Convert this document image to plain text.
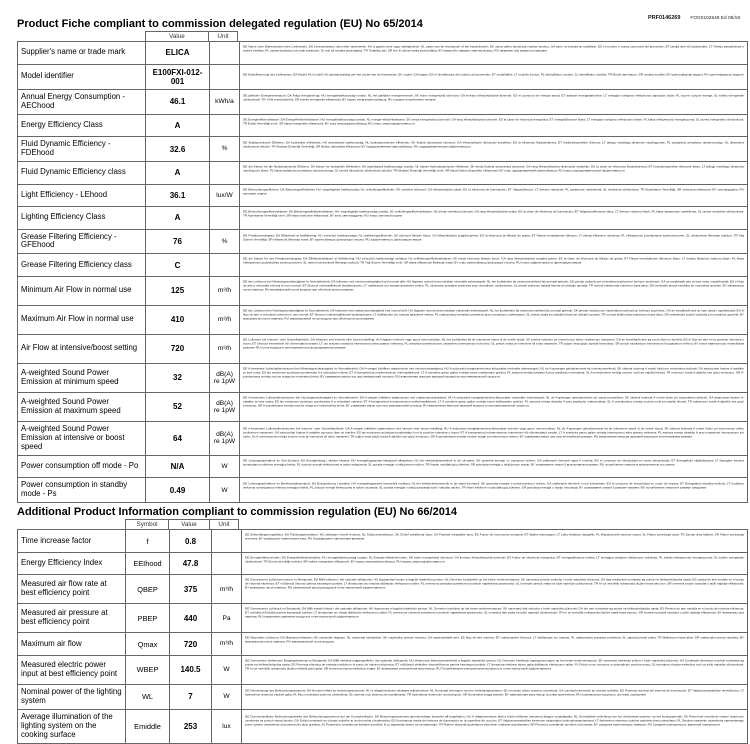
PRF0146269 FOG0102648 Ed 05/18
Product Fiche compliant to commission delegated regulation (EU) No 65/2014
Value	Unit
Supplier's name or trade mark	ELICA		DE Name oder Warenzeichen des Lieferanten; DA Leverandørens navn eller varemærke; HU a gyártó neve vagy márkajelzése; NL naam van de leverancier of het handelsmerk; SK názov alebo obchodná značka výrobcu; GA ainm nó branda an tsoláthraí; ES el nombre o marca comercial del proveedor; ET tarnija nimi või kaubamärk; LT Tiekėjo pavadinimas ir prekės ženklas; PL nazwa dostawcy lub znak towarowy; SL ime ali oznaka proizvajalca; TR Tedarikçi adı; SR ime ili robna marka proizvođača; BY назва або таварны знак вытворцы; RU название или марка поставщика

Model identifier	E100FXI-012-001		DE Modellkennung des Lieferanten; DA Model; HU modell; NL typeaanduiding van het model van de leverancier; SK model; GA leagan; ES el identificador del modelo del proveedor; ET mudelitähis; LT modelio žymuo; PL identyfikator modelu; SL identifikator modela; TR Model tanımlayıcı; SR oznaka modela; BY ідэнтыфікатар мадэлі; RU идентификатор модели

Annual Energy Consumption - AEChood	46.1	kWh/a	DE jährliche Energieverbrauch; DA Årligt energiforbrug; HU energiahatékonysági mutató; NL het jaarlijkse energieverbruik; SK index energetickej účinnosti; GA innéacs éifeachtúlachta fuinnimh; ES el consumo de energía anual; ET aastane energiatarbimine; LT energijos vartojimo efektyvumo sąnaudos dydis; PL roczne zużycie energii; SL indeks energetske učinkovitosti; TR Yıllık enerji tüketimi; SR indeks energetske efikasnosti; BY індэкс энергаэфектыўнасці; RU годовое потребление энергии

Energy Efficiency Class	A		DE Energieeffizienzklasse; DA Energieffektivitetsklasse; HU energiahatékonysági osztály; NL energie-efficiëntieklasse; SK trieda energetickej účinnosti; GA rang éifeachtúlachta fuinnimh; ES la clase de eficiencia energética; ET energiatõhususe klass; LT energijos vartojimo efektyvumo klasė; PL klasa efektywności energetycznej; SL razred energetske učinkovitosti; TR Enerji Verimliliği sınıfı; SR klasa energetske efikasnosti; BY клас энергаэфектыўнасці; RU класс энергоэффективности

Fluid Dynamic Efficiency - FDEhood	32.6	%	DE fluiddynamische Effizienz; DA hydraulisk effektivitet; HU áramlástani hatékonyság; NL hydrodynamische efficiëntie; SK fluidná dynamická účinnosť; GA éifeachtúlacht dinimiciúil sreabhán; ES la eficiencia fluidodinámica; ET hüdrodünaamiline tõhusus; LT takiųjų medžiagų dinaminis naudingumas; PL wydajność przepływu dynamicznego; SL dinamična učinkovitost tekočin; TR Akışkan Dinamiği Verimliliği; SR fluidno dinamička efikasnost; BY гідрадынамічная эфектыўнасць; RU гидродинамическая эффективность

Fluid Dynamic Efficiency class	A		DE die Klasse für die fluiddynamische Effizienz; DA klasse for hydraulisk effektivitet; HU áramlástani hatékonysági osztály; NL klasse hydrodynamische efficiëntie; SK trieda fluidnej dynamickej účinnosti; GA rang éifeachtúlachta dinimiciúla sreabhán; ES la clase de eficiencia fluidodinámica; ET hüdrodünaamilise tõhususe klass; LT takiųjų medžiagų dinaminio naudingumo klasė; PL klasa wydajności przepływu dynamicznego; SL razred dinamične učinkovitosti tekočin; TR Akışkan Dinamiği Verimliliği sınıfı; SR klasa fluidno dinamičke efikasnosti; BY клас гідрадынамічнай эфектыўнасці; RU класс гидродинамической эффективности

Light Efficiency - LEhood	36.1	lux/W	DE Beleuchtungseffizienz; DA Belysningseffektivitet; HU megvilágítási hatékonyság; NL verlichtingsefficiëntie; SK svetelná účinnosť; GA éifeachtúlacht solais; ES la eficiencia de iluminación; ET Valgustõhusus; LT šviesos našumas; PL sprawność oświetlenia; SL svetlobna učinkovitost; TR Aydınlatma Verimliliği; SR svetlosna efikasnost; BY светлааддача; RU световая отдача

Lighting Efficiency Class	A		DE Beleuchtungseffizienzklasse; DA Belysningseffektivitetsklasse; HU megvilágítási hatékonysági osztály; NL verlichtingsefficiëntieklasse; SK trieda svetelnej účinnosti; GA rang éifeachtúlachta solais; ES la clase de eficiencia de iluminación; ET Valgustustõhususe klass; LT šviesos našumo klasė; PL klasa sprawności oświetlenia; SL razred svetlobne učinkovitosti; TR Aydınlatma Verimliliği sınıfı; SR klasa svetlosne efikasnosti; BY клас светлааддачы; RU класс световой отдачи

Grease Filtering Efficiency - GFEhood	76	%	DE Fettabscheidegrad; DA Effektivitet af fedtfiltrering; HU zsírszűrő hatékonysága; NL vetfilteringsefficiëntie; SK účinnosť filtrácie tukov; GA éifeachtúlacht scagtha gréise; ES la eficiencia de filtrado de grasa; ET Rasva eemaldamise tõhusus; LT riebalų filtravimo našumas; PL efektywność pochłaniania zanieczyszczeń; SL učinkovitost filtriranja maščob; TR Yağ Süzme Verimliliği; SR efikasnost filtriranja masti; BY эфектыўнасць фільтрацыі тлушчу; RU эффективность фильтрации жиров

Grease Filtering Efficiency class	C		DE die Klasse für den Fettabscheidegrad; DA Effektivitetsklasse af fedtfiltrering; HU zsírszűrő hatékonysági osztálya; NL vetfilteringsefficiëntieklasse; SK trieda účinnosti filtrácie tukov; GA rang éifeachtúlachta scagtha gréise; ES la clase de eficiencia de filtrado de grasa; ET Rasva eemaldamise tõhususe klass; LT riebalų filtravimo našumo klasė; PL klasa efektywności pochłaniania zanieczyszczeń; SL razred učinkovitosti filtriranja maščob; TR Yağ Süzme Verimliliği sınıfı; SR klasa efikasnosti filtriranja masti; BY клас эфектыўнасці фільтрацыі тлушчу; RU класс эффективности фильтрации жиров

Minimum Air Flow in normal use	125	m³/h	DE der Luftstrom bei Mindestgeschwindigkeit im Normalbetrieb; DA luftstrøm ved minimumshastighed ved normal drift; HU légáram normál üzemmódban minimális sebességnél; NL het luchtdebiet bij minimumsnelheid bij normaal gebruik; SK prietok vzduchu pri minimálnej rýchlosti pri bežnom používaní; GA an sreabhadh aeir ar luas íosta i ngnáthúsáid; ES el flujo de aire a velocidad mínima en uso normal; ET õhuvool minimaalkiirusel tavakasutuses; LT mažiausias oro srautas įprastinės veikos; PL minimalny przepływ powietrza przy normalnym użytkowaniu; SL pretok zraka pri najnižji hitrosti pri običajni uporabi; TR normal kullanımda minimum hava akışı; SR minimalni protok vazduha pri normalnoj upotrebi; BY мінімальны паток паветра; RU минимальный поток воздуха при обычном использовании

Maximum Air Flow in normal use	410	m³/h	DE der Luftstrom bei Höchstgeschwindigkeit im Normalbetrieb; DA luftstrøm ved maksimumshastighed ved normal drift; HU légáram normál üzemmódban maximális sebességnél; NL het luchtdebiet bij maximumsnelheid bij normaal gebruik; SK prietok vzduchu pri maximálnej rýchlosti pri bežnom používaní; GA an sreabhadh aeir ar luas uasta i ngnáthúsáid; ES el flujo de aire a velocidad máxima en uso normal; ET õhuvool maksimaalkiirusel tavakasutuses; LT didžiausias oro srautas įprastinės veikos; PL maksymalny przepływ powietrza przy normalnym użytkowaniu; SL pretok zraka pri najvišji hitrosti pri običajni uporabi; TR normal kullanımda maksimum hava akışı; SR maksimalni protok vazduha pri normalnoj upotrebi; BY максімальны паток паветра; RU максимальный поток воздуха при обычном использовании

Air Flow at intensive/boost setting	720	m³/h	DE Luftstrom bei Intensiv- oder Schnelllaufstufe; DA luftstrøm ved intensiv eller boost-indstilling; HU légáram intenzív vagy gyors üzemmódban; NL het luchtdebiet bij de intensieve stand of de snelle stand; SK prietok vzduchu pri intenzívnom alebo zosilnenom nastavení; GA an sreabhadh aeir ag socrú dian nó borrtha; ES el flujo de aire en la posición intensiva o boost; ET õhuvool intensiivsel või võimendatud seadel; LT oro srautas nustačius intensyvumo arba spartos veikseną; PL przepływ powietrza przy ustawieniu intensywnym lub turbo; SL pretok zraka pri intenzivni ali turbo nastavitvi; TR yoğun veya güçlü ayarda hava akışı; SR protok vazduha pri intenzivnom ili pojačanom režimu; BY паток паветра пры інтэнсіўным рэжыме; RU поток воздуха в интенсивном или форсированном режиме

A-weighted Sound Power Emission at minimum speed	32	dB(A) re 1pW	DE A-bewertete Luftschallemissionen bei Mindestgeschwindigkeit im Normalbetrieb; DA A-vægtet luftbåren støjemission ved minimumshastighed; HU A-súlyozású hangteljesítmény-kibocsátás minimális sebességnél; NL de A-gewogen geluidsemissie bij minimumsnelheid; SK vážená hodnota A emisií hluku pri minimálnej rýchlosti; GA astaíochtaí fuaime A-ualaithe ar luas íosta; ES las emisiones acústicas ponderadas A a velocidad mínima; ET A-korrigeeritud müraemissioon minimaalkiirusel; LT A svertinės garso galios emisija esant mažiausiam greičiui; PL ważona emisja dźwięku A przy prędkości minimalnej; SL A-ovrednotena emisija zvočne moči pri najnižji hitrosti; TR minimum hızda A-ağırlıklı ses gücü emisyonu; SR A-ponderisana emisija zvučne snage pri minimalnoj brzini; BY узважаная эмісія гуку пры мінімальнай хуткасці; RU взвешенная эмиссия звуковой мощности при минимальной скорости

A-weighted Sound Power Emission at maximum speed	52	dB(A) re 1pW	DE A-bewertete Luftschallemissionen bei Höchstgeschwindigkeit im Normalbetrieb; DA A-vægtet luftbåren støjemission ved maksimumshastighed; HU A-súlyozású hangteljesítmény-kibocsátás maximális sebességnél; NL de A-gewogen geluidsemissie bij maximumsnelheid; SK vážená hodnota A emisií hluku pri maximálnej rýchlosti; GA astaíochtaí fuaime A-ualaithe ar luas uasta; ES las emisiones acústicas ponderadas A a velocidad máxima; ET A-korrigeeritud müraemissioon maksimaalkiirusel; LT A svertinės garso galios emisija esant didžiausiam greičiui; PL ważona emisja dźwięku A przy prędkości maksymalnej; SL A-ovrednotena emisija zvočne moči pri najvišji hitrosti; TR maksimum hızda A-ağırlıklı ses gücü emisyonu; SR A-ponderisana emisija zvučne snage pri maksimalnoj brzini; BY узважаная эмісія гуку пры максімальнай хуткасці; RU взвешенная эмиссия звуковой мощности при максимальной скорости

A-weighted Sound Power Emission at intensive or boost speed	64	dB(A) re 1pW	DE A-bewertete Luftschallemissionen bei Intensiv- oder Schnelllaufstufe; DA A-vægtet luftbåren støjemission ved intensiv eller boost-indstilling; HU A-súlyozású hangteljesítmény-kibocsátás intenzív vagy gyors üzemmódban; NL de A-gewogen geluidsemissie bij de intensieve stand of de snelle stand; SK vážená hodnota A emisií hluku pri intenzívnom alebo zosilnenom nastavení; GA astaíochtaí fuaime A-ualaithe ag socrú dian nó borrtha; ES las emisiones acústicas ponderadas A en la posición intensiva o boost; ET A-korrigeeritud müraemissioon intensiivsel või võimendatud seadel; LT A svertinės garso galios emisija intensyvumo arba spartos veiksena; PL ważona emisja dźwięku A przy ustawieniu intensywnym lub turbo; SL A-ovrednotena emisija zvočne moči pri intenzivni ali turbo nastavitvi; TR yoğun veya güçlü hızda A-ağırlıklı ses gücü emisyonu; SR A-ponderisana emisija zvučne snage pri intenzivnom režimu; BY узважаная эмісія гуку пры інтэнсіўным рэжыме; RU взвешенная эмиссия звуковой мощности в интенсивном режиме

Power consumption off mode - Po	N/A	W	DE Leistungsaufnahme im Aus-Zustand; DA Energiforbrug i slukket tilstand; HU energiafogyasztás kikapcsolt állapotban; NL het elektriciteitsverbruik in de uit-stand; SK spotreba energie vo vypnutom režime; GA caitheamh fuinnimh agus é múchta; ES el consumo de electricidad en modo desactivado; ET Energiakulu väljalülitatuna; LT išjungties būsena suvartojamos elektros energijos kiekis; PL zużycie energii elektrycznej w trybie wyłączenia; SL poraba energije v izključenem načinu; TR Kapalı moddaki güç tüketimi; SR potrošnja energije u isključenom stanju; BY спажыванне энергіі ў выключаным рэжыме; RU потребление энергии в выключенном состоянии

Power consumption in standby mode - Ps	0.49	W	DE Leistungsaufnahme im Bereitschaftszustand; DA Energiforbrug i standby; HU energiafogyasztás készenléti módban; NL het elektriciteitsverbruik in de stand-by-stand; SK spotreba energie v pohotovostnom režime; GA caitheamh fuinnimh i mód fuireachais; ES el consumo de electricidad en modo de espera; ET Energiakulu standby-režiimis; LT budėjimo veiksena suvartojamos elektros energijos kiekis; PL zużycie energii elektrycznej w trybie czuwania; SL poraba energije v stanju pripravljenosti / standby načinu; TR Hazır bekleme modundaki güç tüketimi; SR potrošnja energije u stanju mirovanja; BY спажыванне энергіі ў рэжыме чакання; RU потребление энергии в режиме ожидания
Additional Product Information compliant to commission regulation (EU) No 66/2014
Symbol	Value	Unit
Time increase factor	f	0.8		DE Zeitverlängerungsfaktor; DA Tidsforøgelsesfaktor; HU időtartam-növelő tényező; NL Tijdstoenamefactor; SK Činiteľ predĺženia času; GA Fachtóir méadaithe ama; ES Factor de incremento temporal; ET Ajaline kasvutegur; LT Laiko didėjimo daugiklis; PL Współczynnik wzrostu czasu; SL Faktor povečanja časa; TR Zaman artış faktörü; SR Faktor povećanja vremena; BY каэфіцыент павелічэння часу; RU Коэффициент увеличения времени

Energy Efficiency Index	EEIhood	47.8		DE Energieeffizienzindex; DA Energieffektivitetsindeks; HU energiahatékonysági mutató; NL Energie-efficiëntie-index; SK index energetickej účinnosti; GA Innéacs éifeachtúlachta fuinnimh; ES Índice de eficiencia energética; ET energiatõhususe indeks; LT energijos vartojimo efektyvumo indeksas; PL indeks efektywności energetycznej; SL indeks energetske učinkovitosti; TR Enerji verimliliği endeksi; SR indeks energetske efikasnosti; BY індэкс энергаэфектыўнасці; RU индекс энергоэффективности

Measured air flow rate at best efficiency point	QBEP	375	m³/h	DE Gemessener Luftvolumenstrom im Bestpunkt; DA Målt luftstrøm i det optimale driftspunkt; HU légáramlási hozam a legjobb hatásfokú ponton; NL Gemeten luchtdebiet op het beste-rendementspunt; SK nameraný prietok vzduchu v bode najvyššej účinnosti; GA ráta sreafa aeir tomhaiste ag pointe na héifeachtúlachta uasta; ES caudal de aire medido en el punto de máxima eficiencia; ET mõõdetud õhuvool parima kasuteguri punktis; LT išmatuotas oro srautas didžiausio efektyvumo taške; PL zmierzony przepływ powietrza w punkcie największej sprawności; SL izmerjeni pretok zraka na točki največje učinkovitosti; TR en iyi verimlilik noktasında ölçülen hava akış hızı; SR izmereni protok vazduha u tački najbolje efikasnosti; BY вымераны паток паветра; RU измеренный расход воздуха в точке наилучшей эффективности

Measured air pressure at best efficiency point	PBEP	440	Pa	DE Gemessener Luftdruck im Bestpunkt; DA Målt statisk lufttryk i det optimale driftspunkt; HU légnyomás a legjobb hatásfokú ponton; NL Gemeten luchtdruk op het beste-rendementspunt; SK nameraný tlak vzduchu v bode najvyššej účinnosti; GA brú aeir tomhaiste ag pointe na héifeachtúlachta uasta; ES Presión de aire medida en el punto de máxima eficiencia; ET mõõdetud õhurõhk parima kasuteguri punktis; LT išmatuotas oro slėgis didžiausio efektyvumo taške; PL zmierzone ciśnienie powietrza w punkcie największej sprawności; SL izmerjeni tlak zraka na točki največje učinkovitosti; TR en iyi verimlilik noktasında ölçülen statik hava basıncı; SR izmereni pritisak vazduha u tački najbolje efikasnosti; BY вымераны ціск паветра; RU измеренное давление воздуха в точке наилучшей эффективности

Maximum air flow	Qmax	720	m³/h	DE Maximaler Luftstrom; DA Maksimal luftstrøm; HU maximális légáram; NL maximaal luchtdebiet; SK maximálny prietok vzduchu; GA uassreabhadh aeir; ES flujo de aire máximo; ET maksimaalne õhuvool; LT didžiausias oro srautas; PL maksymalny przepływ powietrza; SL največji pretok zraka; TR Maksimum hava akışı; SR maksimalni protok vazduha; BY максімальны паток паветра; RU максимальный поток воздуха

Measured electric power input at best efficiency point	WBEP	140.5	W	DE Gemessene elektrische Eingangsleistung im Bestpunkt; DA Målt elektrisk indgangseffekt i det optimale driftspunkt; HU elektromos teljesítményfelvétel a legjobb hatásfokú ponton; NL Gemeten elektrisch ingangsvermogen op het beste-rendementspunt; SK nameraný elektrický príkon v bode najvyššej účinnosti; GA Cumhacht leictreach ionchuir tomhaiste ag pointe na héifeachtúlachta uasta; ES Potencia eléctrica de entrada medida en el punto de máxima eficiencia; ET mõõdetud elektriline sisendvõimsus parima kasuteguri punktis; LT išmatuota elektrinė įėjimo galia didžiausio efektyvumo taške; PL Pobór mocy mierzony w optymalnym punkcie pracy; SL izmerjena vhodna električna moč na točki največje učinkovitosti; TR en iyi verimlilik noktasında ölçülen elektrik gücü girişi; SR izmerena ulazna električna snaga; BY вымераная электрычная магутнасць; RU Потребляемая электрическая мощность в точке наилучшей эффективности

Nominal power of the lighting system	WL	7	W	DE Nennleistung des Beleuchtungssystems; DA Nominel effekt for belysningssystemet; HU a világítórendszer névleges teljesítménye; NL Nominaal vermogen van het verlichtingssysteem; SK menovitý výkon systému osvetlenia; GA cumhacht ainmniúil an chórais soilsithe; ES Potencia nominal del sistema de iluminación; ET Valgustusseadeldise nimivõimsus; LT Apšvietimo sistemos vardinė galia; PL Moc nominalna systemu oświetlenia; SL nazivna moč sistema za osvetljevanje; TR Aydınlatma sisteminin nominal gücü; SR Nominalna snaga rasvete; BY намінальная магутнасць сістэмы асвятлення; RU номинальная мощность системы освещения

Average illumination of the lighting system on the cooking surface	Emiddle	253	lux	DE Durchschnittliche Beleuchtungsstärke des Beleuchtungssystems auf der Kochoberfläche; DA Belysningssystemets gennemsnitlige lysstyrke på kogefladen; HU A világítórendszer által a főzési felületen biztosított átlagos megvilágítás; NL Gemiddelde verlichting van het verlichtings-systeem op het kookoppervlak; SK Priemerné osvetlenie vrhané systémom osvetlenia na povrch varnej plochy; GA Soilsiú meánach an chórais soilsithe ar an dromchla cócaireachta; ES Iluminancia media del sistema de iluminación en la superficie de cocción; ET Valgustusseadeldise keskmine valgustatus toiduvalmistamispinnal; LT Apšvietimo sistemos vidutinė apšvieta virimo paviršiaus; PL Średnie natężenie oświetlenia zapewnianego przez system oświetlenia na powierzchni płyty grzejnej; SL Povprečna osvetljenost kuhalne površine, ki jo zagotavlja sistem za osvetljevanje; TR Pişirme alanında aydınlatma sisteminin ortalama aydınlatması; SR Prosečno osvetljenje površine za kuvanje; BY сярэдняя асветленасць паверхні; RU Средняя освещенность варочной поверхности
